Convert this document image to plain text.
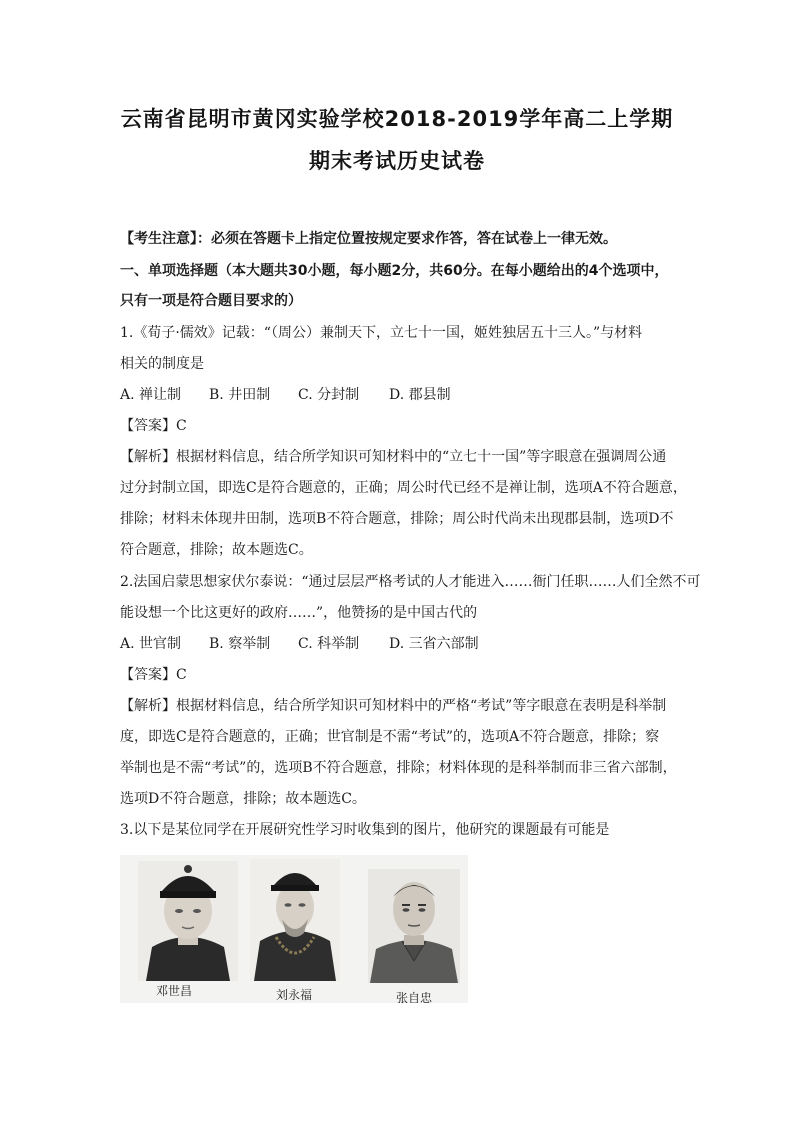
云南省昆明市黄冈实验学校2018-2019学年高二上学期
期末考试历史试卷
【考生注意】：必须在答题卡上指定位置按规定要求作答，答在试卷上一律无效。
一、单项选择题（本大题共30小题，每小题2分，共60分。在每小题给出的4个选项中，
只有一项是符合题目要求的）
1.《荀子·儒效》记载：“（周公）兼制天下，立七十一国，姬姓独居五十三人。”与材料
相关的制度是
A. 禅让制 B. 井田制 C. 分封制 D. 郡县制
【答案】C
【解析】根据材料信息，结合所学知识可知材料中的“立七十一国”等字眼意在强调周公通
过分封制立国，即选C是符合题意的，正确；周公时代已经不是禅让制，选项A不符合题意，
排除；材料未体现井田制，选项B不符合题意，排除；周公时代尚未出现郡县制，选项D不
符合题意，排除；故本题选C。
2.法国启蒙思想家伏尔泰说：“通过层层严格考试的人才能进入……衙门任职……人们全然不可
能设想一个比这更好的政府……”，他赞扬的是中国古代的
A. 世官制 B. 察举制 C. 科举制 D. 三省六部制
【答案】C
【解析】根据材料信息，结合所学知识可知材料中的严格“考试”等字眼意在表明是科举制
度，即选C是符合题意的，正确；世官制是不需“考试”的，选项A不符合题意，排除；察
举制也是不需“考试”的，选项B不符合题意，排除；材料体现的是科举制而非三省六部制，
选项D不符合题意，排除；故本题选C。
3.以下是某位同学在开展研究性学习时收集到的图片，他研究的课题最有可能是
邓世昌	刘永福	张自忠
